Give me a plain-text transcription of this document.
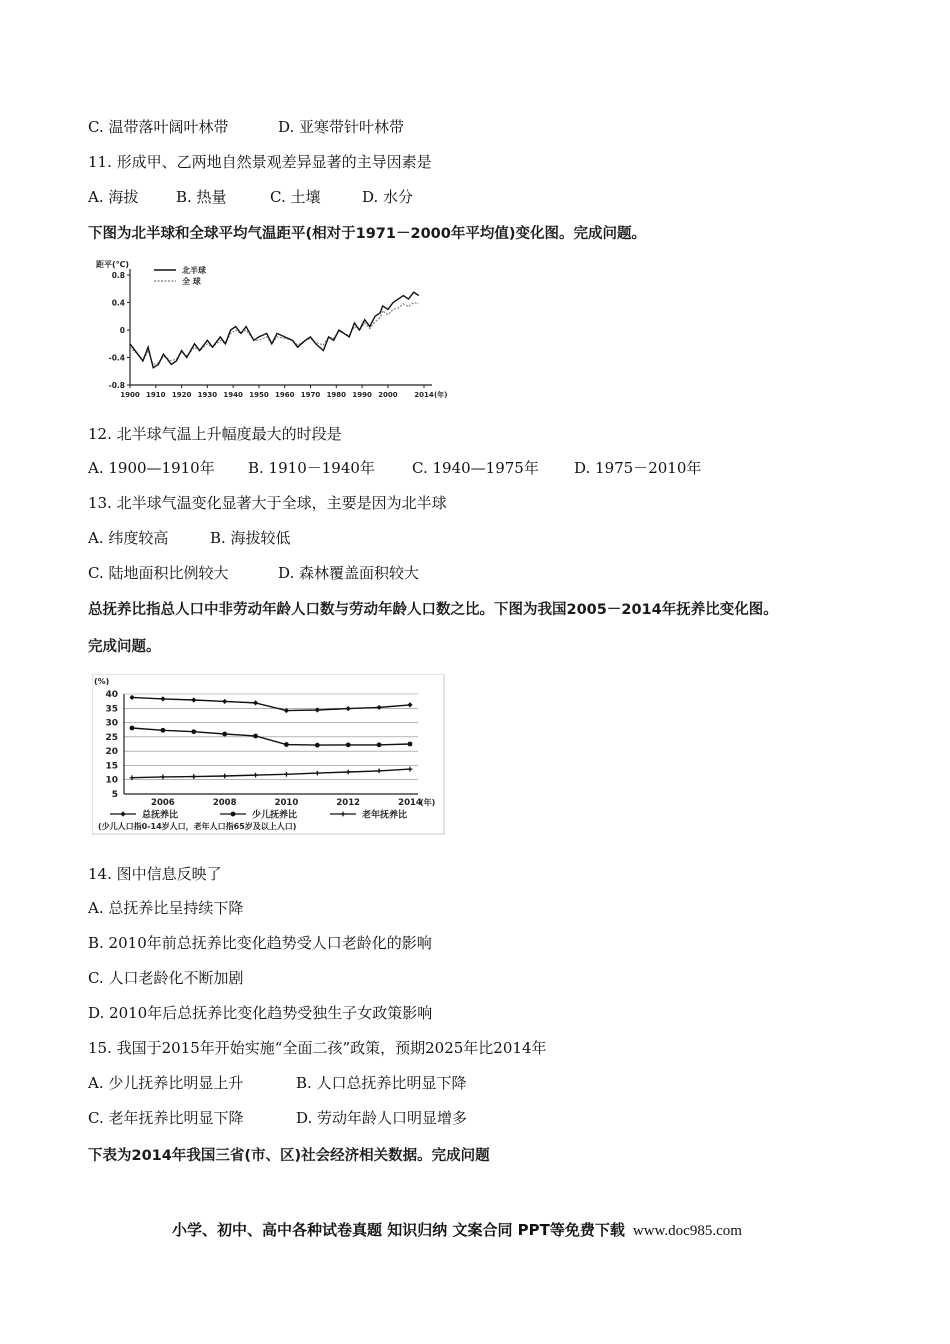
C. 温带落叶阔叶林带	D. 亚寒带针叶林带
11. 形成甲、乙两地自然景观差异显著的主导因素是
A. 海拔	B. 热量	C. 土壤	D. 水分
下图为北半球和全球平均气温距平(相对于1971－2000年平均值)变化图。完成问题。
距平(℃)
0.8
0.4
0
-0.4
-0.8
1900 1910 1920 1930 1940 1950 1960 1970 1980 1990 2000 2014 (年)
北半球
全 球
12. 北半球气温上升幅度最大的时段是
A. 1900—1910年 B. 1910－1940年 C. 1940—1975年 D. 1975－2010年
13. 北半球气温变化显著大于全球，主要是因为北半球
A. 纬度较高	B. 海拔较低
C. 陆地面积比例较大	D. 森林覆盖面积较大
总抚养比指总人口中非劳动年龄人口数与劳动年龄人口数之比。下图为我国2005－2014年抚养比变化图。
完成问题。
(%)
40
35
30
25
20
15
10
5
2006	2008	2010	2012	2014
(年)
总抚养比	少儿抚养比	老年抚养比
(少儿人口指0-14岁人口，老年人口指65岁及以上人口)
14. 图中信息反映了
A. 总抚养比呈持续下降
B. 2010年前总抚养比变化趋势受人口老龄化的影响
C. 人口老龄化不断加剧
D. 2010年后总抚养比变化趋势受独生子女政策影响
15. 我国于2015年开始实施“全面二孩”政策，预期2025年比2014年
A. 少儿抚养比明显上升	B. 人口总抚养比明显下降
C. 老年抚养比明显下降	D. 劳动年龄人口明显增多
下表为2014年我国三省(市、区)社会经济相关数据。完成问题
小学、初中、高中各种试卷真题 知识归纳 文案合同 PPT等免费下载 www.doc985.com
